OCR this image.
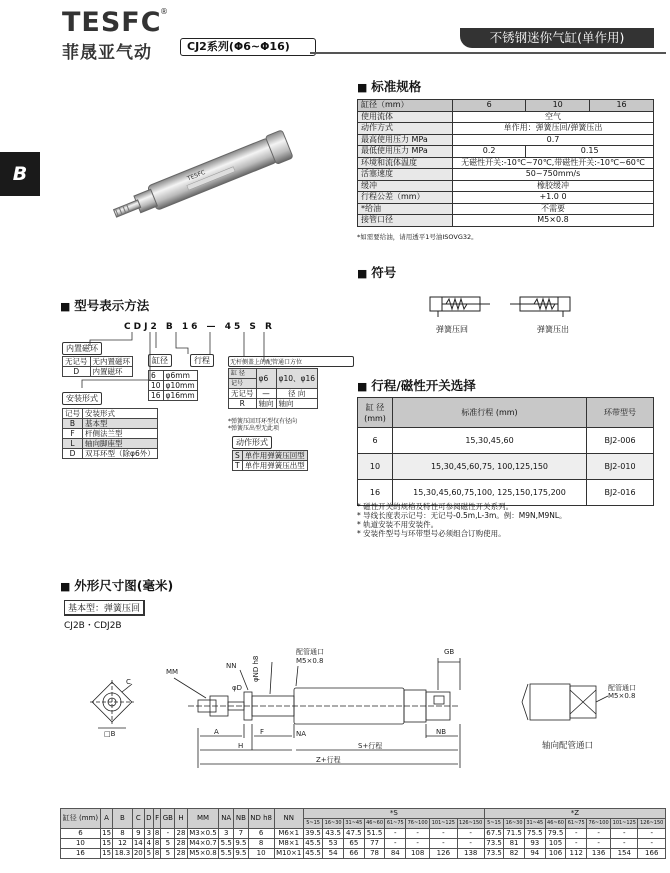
TESFC
®
菲晟亚气动	CJ2系列(Φ6~Φ16)
不锈钢迷你气缸(单作用)
B	TESFC
■ 标准规格
缸径（mm）	6	10	16
使用流体	空气		
动作方式	单作用：弹簧压回/弹簧压出		
最高使用压力 MPa	0.7		
最低使用压力 MPa	0.2	0.15	
环境和流体温度	无磁性开关:-10℃~70℃,带磁性开关:-10℃~60℃		
活塞速度	50~750mm/s		
缓冲	橡胶缓冲		
行程公差（mm）	+1.0 0		
*给油	不需要		
接管口径	M5×0.8		
*如需要给油，请用透平1号油ISOVG32。
■ 符号
弹簧压回	弹簧压出
■ 型号表示方法
CDJ2 B 16 — 45 S R
内置磁环
无记号	无内置磁环
D	内置磁环
缸径
6	φ6mm
10	φ10mm
16	φ16mm
行程	无杆侧盖上的配管通口方位
缸 径	φ6	φ10、φ16
记号		
无记号	—	径 向
R	轴向	轴向
*弹簧压回耳环型仅有径向
*弹簧压出型无此项
安装形式
记号	安装形式
B	基本型
F	杆侧法兰型
L	轴向脚座型
D	双耳环型（除φ6外）
动作形式
S	单作用弹簧压回型
T	单作用弹簧压出型
■ 行程/磁性开关选择
缸 径 (mm)	标准行程 (mm)	环带型号
6	15,30,45,60	BJ2-006
10	15,30,45,60,75, 100,125,150	BJ2-010
16	15,30,45,60,75,100, 125,150,175,200	BJ2-016
* 磁性开关的规格及特性可参阅磁性开关系列。
* 导线长度表示记号：无记号-0.5m,L-3m。例：M9N,M9NL。
* 轨道安装不用安装件。
* 安装件型号与环带型号必须组合订购使用。
■ 外形尺寸图(毫米)
基本型：弹簧压回
CJ2B・CDJ2B
MM
NN
φD
φND h8
配管通口
M5×0.8
GB
A	F	NA	NB
H	S+行程
Z+行程
□B
C
配管通口
M5×0.8
轴向配管通口
缸径 (mm)	A	B	C	D	F	GB	H	MM	NA	NB	ND h8	NN	*S								*Z							
													5~15	16~30	31~45	46~60	61~75	76~100	101~125	126~150	5~15	16~30	31~45	46~60	61~75	76~100	101~125	126~150
6	15	8	9	3	8	-	28	M3×0.5	3	7	6	M6×1	39.5	43.5	47.5	51.5	-	-	-	-	67.5	71.5	75.5	79.5	-	-	-	-
10	15	12	14	4	8	5	28	M4×0.7	5.5	9.5	8	M8×1	45.5	53	65	77	-	-	-	-	73.5	81	93	105	-	-	-	-
16	15	18.3	20	5	8	5	28	M5×0.8	5.5	9.5	10	M10×1	45.5	54	66	78	84	108	126	138	73.5	82	94	106	112	136	154	166
